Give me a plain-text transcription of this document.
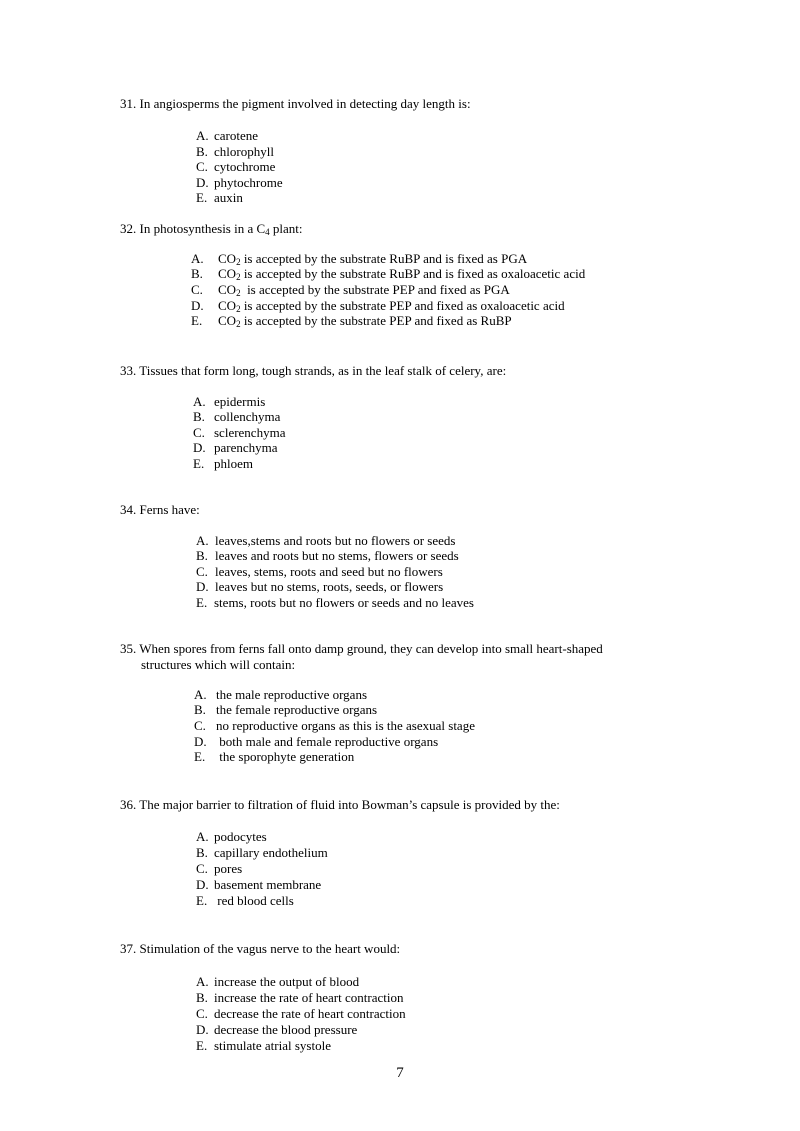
31. In angiosperms the pigment involved in detecting day length is:

A. carotene
B. chlorophyll
C. cytochrome
D. phytochrome
E. auxin

32. In photosynthesis in a $C_4$ plant:

A. $CO_2$ is accepted by the substrate RuBP and is fixed as PGA
B. $CO_2$ is accepted by the substrate RuBP and is fixed as oxaloacetic acid
C. $CO_2$  is accepted by the substrate PEP and fixed as PGA
D. $CO_2$ is accepted by the substrate PEP and fixed as oxaloacetic acid
E. $CO_2$ is accepted by the substrate PEP and fixed as RuBP

33. Tissues that form long, tough strands, as in the leaf stalk of celery, are:

A. epidermis
B. collenchyma
C. sclerenchyma
D. parenchyma
E. phloem

34. Ferns have:

A. leaves,stems and roots but no flowers or seeds
B. leaves and roots but no stems, flowers or seeds
C. leaves, stems, roots and seed but no flowers
D. leaves but no stems, roots, seeds, or flowers
E. stems, roots but no flowers or seeds and no leaves

35. When spores from ferns fall onto damp ground, they can develop into small heart-shaped
structures which will contain:

A. the male reproductive organs
B. the female reproductive organs
C. no reproductive organs as this is the asexual stage
D. both male and female reproductive organs
E. the sporophyte generation

36. The major barrier to filtration of fluid into Bowman’s capsule is provided by the:

A. podocytes
B. capillary endothelium
C. pores
D. basement membrane
E. red blood cells

37. Stimulation of the vagus nerve to the heart would:

A. increase the output of blood
B. increase the rate of heart contraction
C. decrease the rate of heart contraction
D. decrease the blood pressure
E. stimulate atrial systole
7
